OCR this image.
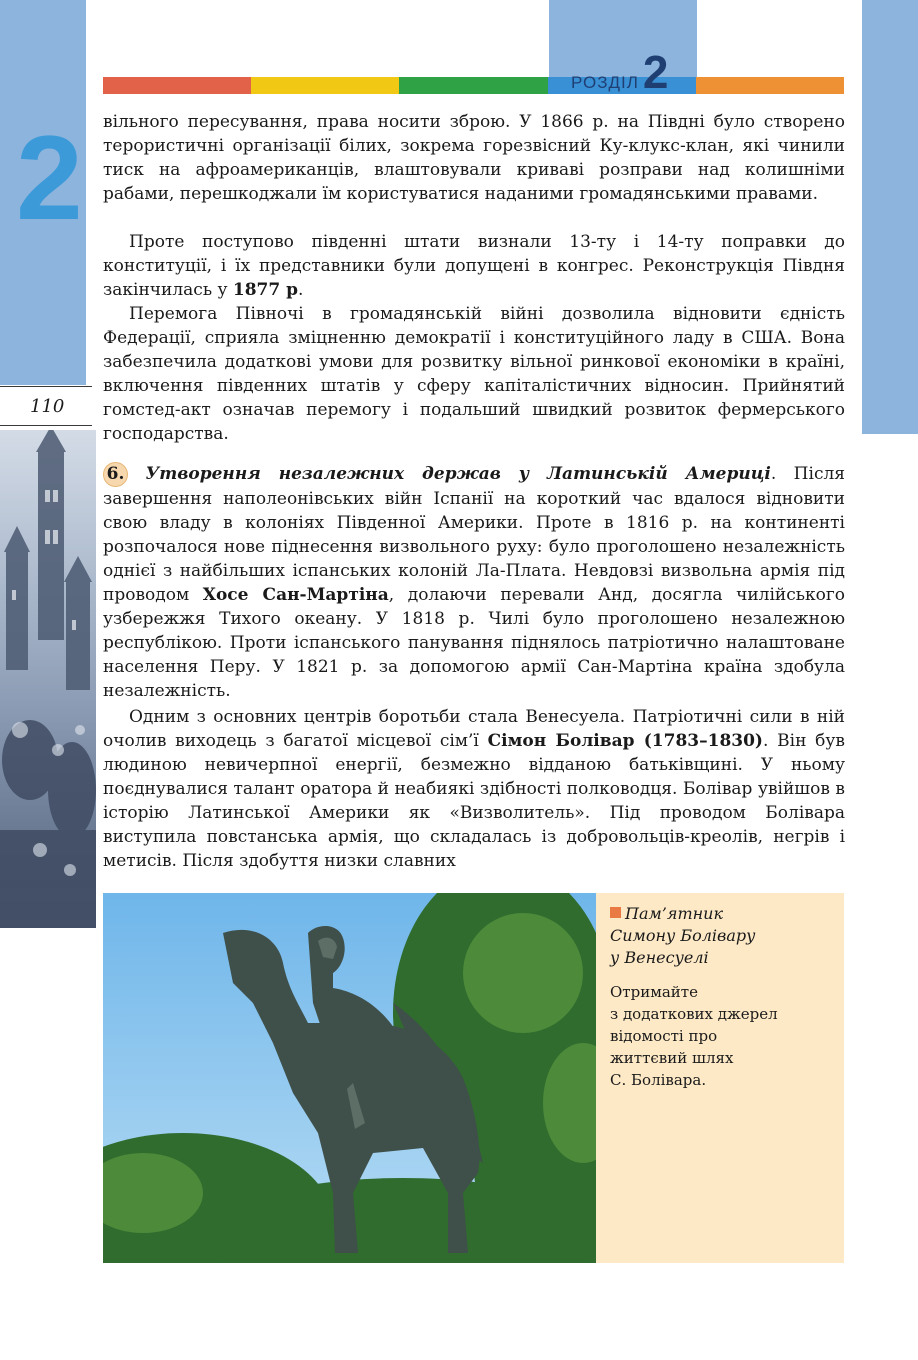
2
РОЗДІЛ 2
110

вільного пересування, права носити зброю. У 1866 р. на Півдні було створено терористичні організації білих, зокрема горезвісний Ку-клукс-клан, які чинили тиск на афроамериканців, влаштовували криваві розправи над колишніми рабами, перешкоджали їм користуватися наданими громадянськими правами.

Проте поступово південні штати визнали 13-ту і 14-ту поправки до конституції, і їх представники були допущені в конгрес. Реконструкція Півдня закінчилась у 1877 р.

Перемога Півночі в громадянській війні дозволила відновити єдність Федерації, сприяла зміцненню демократії і конституційного ладу в США. Вона забезпечила додаткові умови для розвитку вільної ринкової економіки в країні, включення південних штатів у сферу капіталістичних відносин. Прийнятий гомстед-акт означав перемогу і подальший швидкий розвиток фермерського господарства.

6. Утворення незалежних держав у Латинській Америці. Після завершення наполеонівських війн Іспанії на короткий час вдалося відновити свою владу в колоніях Південної Америки. Проте в 1816 р. на континенті розпочалося нове піднесення визвольного руху: було проголошено незалежність однієї з найбільших іспанських колоній Ла-Плата. Невдовзі визвольна армія під проводом Хосе Сан-Мартіна, долаючи перевали Анд, досягла чилійського узбережжя Тихого океану. У 1818 р. Чилі було проголошено незалежною республікою. Проти іспанського панування піднялось патріотично налаштоване населення Перу. У 1821 р. за допомогою армії Сан-Мартіна країна здобула незалежність.

Одним з основних центрів боротьби стала Венесуела. Патріотичні сили в ній очолив виходець з багатої місцевої сім’ї Сімон Болівар (1783–1830). Він був людиною невичерпної енергії, безмежно відданою батьківщині. У ньому поєднувалися талант оратора й неабиякі здібності полководця. Болівар увійшов в історію Латинської Америки як «Визволитель». Під проводом Болівара виступила повстанська армія, що складалась із добровольців-креолів, негрів і метисів. Після здобуття низки славних

Пам’ятник
Симону Болівару
у Венесуелі
Отримайте
з додаткових джерел
відомості про
життєвий шлях
С. Болівара.
